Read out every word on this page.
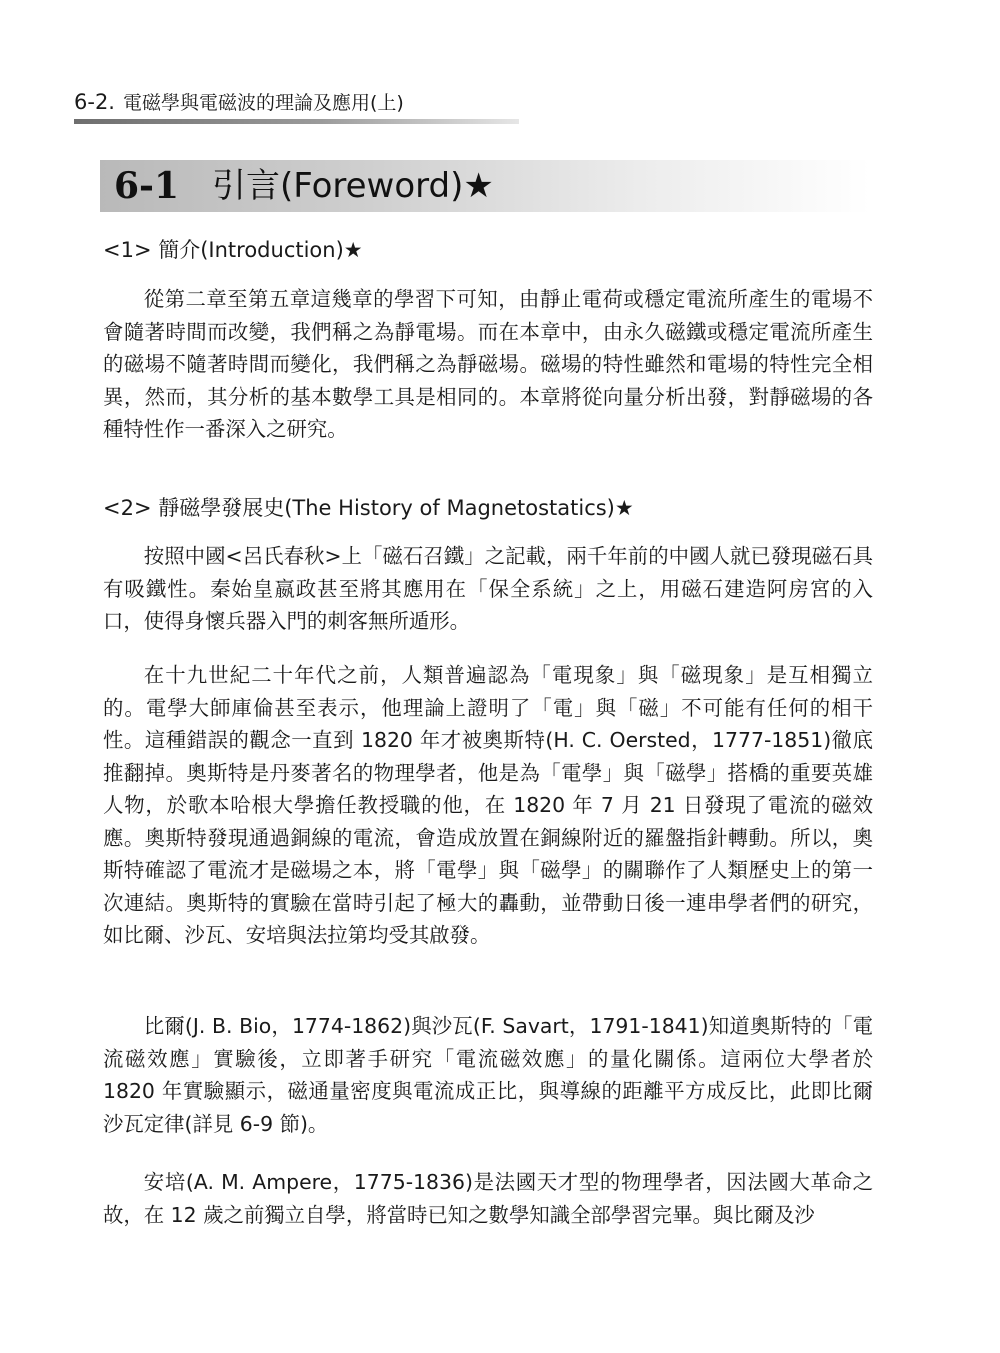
6-2. 電磁學與電磁波的理論及應用(上)
6-1 引言(Foreword)★
<1> 簡介(Introduction)★

從第二章至第五章這幾章的學習下可知，由靜止電荷或穩定電流所產生的電場不會隨著時間而改變，我們稱之為靜電場。而在本章中，由永久磁鐵或穩定電流所產生的磁場不隨著時間而變化，我們稱之為靜磁場。磁場的特性雖然和電場的特性完全相異，然而，其分析的基本數學工具是相同的。本章將從向量分析出發，對靜磁場的各種特性作一番深入之研究。

<2> 靜磁學發展史(The History of Magnetostatics)★

按照中國<呂氏春秋>上「磁石召鐵」之記載，兩千年前的中國人就已發現磁石具有吸鐵性。秦始皇嬴政甚至將其應用在「保全系統」之上，用磁石建造阿房宮的入口，使得身懷兵器入門的刺客無所遁形。

在十九世紀二十年代之前，人類普遍認為「電現象」與「磁現象」是互相獨立的。電學大師庫倫甚至表示，他理論上證明了「電」與「磁」不可能有任何的相干性。這種錯誤的觀念一直到 1820 年才被奧斯特(H. C. Oersted，1777-1851)徹底推翻掉。奧斯特是丹麥著名的物理學者，他是為「電學」與「磁學」搭橋的重要英雄人物，於歌本哈根大學擔任教授職的他，在 1820 年 7 月 21 日發現了電流的磁效應。奧斯特發現通過銅線的電流，會造成放置在銅線附近的羅盤指針轉動。所以，奧斯特確認了電流才是磁場之本，將「電學」與「磁學」的關聯作了人類歷史上的第一次連結。奧斯特的實驗在當時引起了極大的轟動，並帶動日後一連串學者們的研究，如比爾、沙瓦、安培與法拉第均受其啟發。

比爾(J. B. Bio，1774-1862)與沙瓦(F. Savart，1791-1841)知道奧斯特的「電流磁效應」實驗後，立即著手研究「電流磁效應」的量化關係。這兩位大學者於 1820 年實驗顯示，磁通量密度與電流成正比，與導線的距離平方成反比，此即比爾沙瓦定律(詳見 6-9 節)。

安培(A. M. Ampere，1775-1836)是法國天才型的物理學者，因法國大革命之故，在 12 歲之前獨立自學，將當時已知之數學知識全部學習完畢。與比爾及沙
